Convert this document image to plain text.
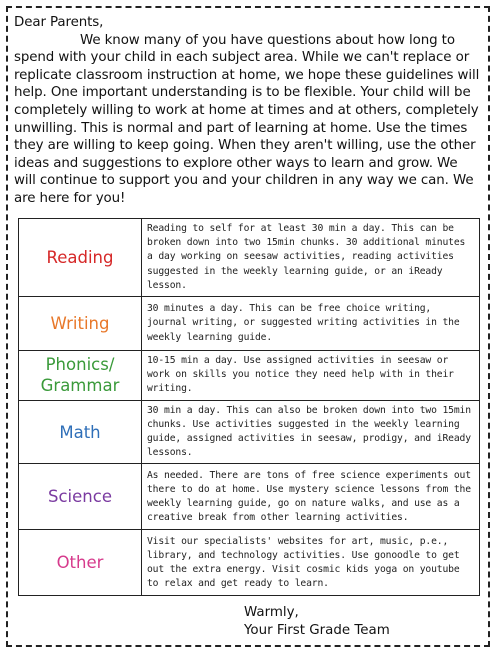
Dear Parents,
We know many of you have questions about how long to spend with your child in each subject area. While we can't replace or replicate classroom instruction at home, we hope these guidelines will help. One important understanding is to be flexible. Your child will be completely willing to work at home at times and at others, completely unwilling. This is normal and part of learning at home. Use the times they are willing to keep going. When they aren't willing, use the other ideas and suggestions to explore other ways to learn and grow. We will continue to support you and your children in any way we can. We are here for you!
Reading	Reading to self for at least 30 min a day. This can be broken down into two 15min chunks. 30 additional minutes a day working on seesaw activities, reading activities suggested in the weekly learning guide, or an iReady lesson.
Writing	30 minutes a day. This can be free choice writing, journal writing, or suggested writing activities in the weekly learning guide.
Phonics/
Grammar	10-15 min a day. Use assigned activities in seesaw or work on skills you notice they need help with in their writing.
Math	30 min a day. This can also be broken down into two 15min chunks. Use activities suggested in the weekly learning guide, assigned activities in seesaw, prodigy, and iReady lessons.
Science	As needed. There are tons of free science experiments out there to do at home. Use mystery science lessons from the weekly learning guide, go on nature walks, and use as a creative break from other learning activities.
Other	Visit our specialists' websites for art, music, p.e., library, and technology activities. Use gonoodle to get out the extra energy. Visit cosmic kids yoga on youtube to relax and get ready to learn.
Warmly,
Your First Grade Team
